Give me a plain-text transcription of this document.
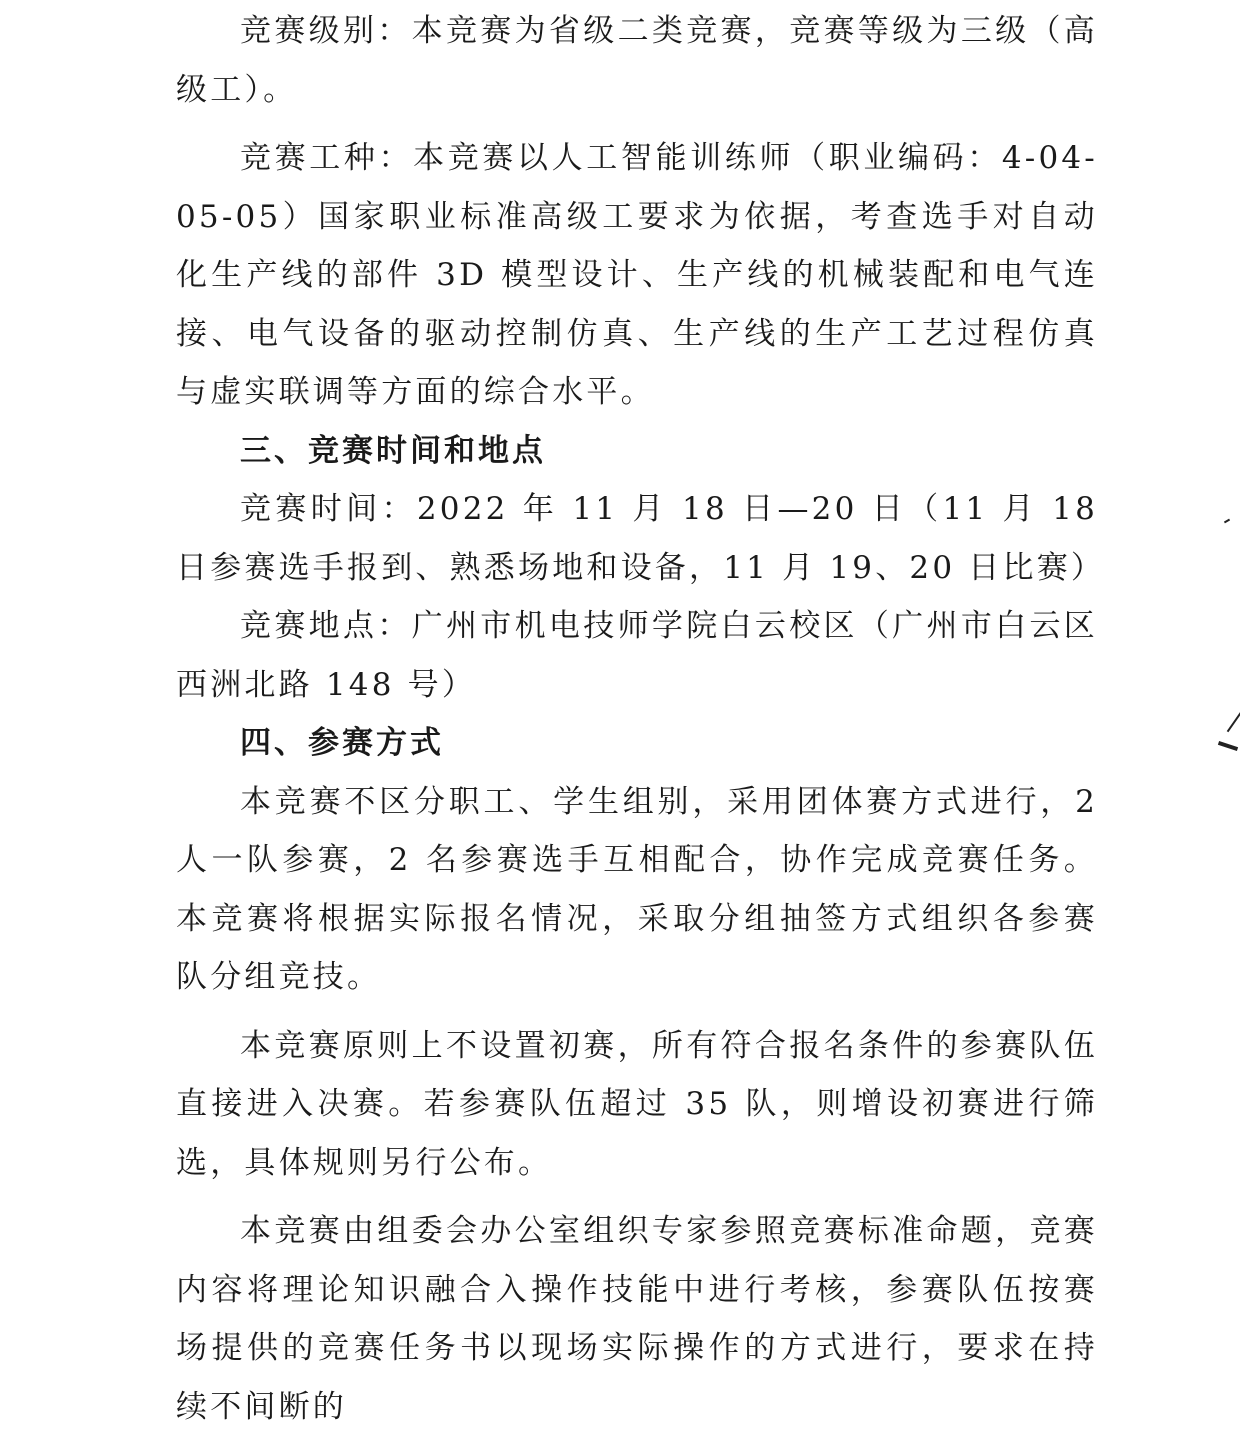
竞赛级别：本竞赛为省级二类竞赛，竞赛等级为三级（高级工）。

竞赛工种：本竞赛以人工智能训练师（职业编码：4-04-05-05）国家职业标准高级工要求为依据，考查选手对自动化生产线的部件 3D 模型设计、生产线的机械装配和电气连接、电气设备的驱动控制仿真、生产线的生产工艺过程仿真与虚实联调等方面的综合水平。

三、竞赛时间和地点

竞赛时间：2022 年 11 月 18 日—20 日（11 月 18 日参赛选手报到、熟悉场地和设备，11 月 19、20 日比赛）

竞赛地点：广州市机电技师学院白云校区（广州市白云区西洲北路 148 号）

四、参赛方式

本竞赛不区分职工、学生组别，采用团体赛方式进行，2 人一队参赛，2 名参赛选手互相配合，协作完成竞赛任务。本竞赛将根据实际报名情况，采取分组抽签方式组织各参赛队分组竞技。

本竞赛原则上不设置初赛，所有符合报名条件的参赛队伍直接进入决赛。若参赛队伍超过 35 队，则增设初赛进行筛选，具体规则另行公布。

本竞赛由组委会办公室组织专家参照竞赛标准命题，竞赛内容将理论知识融合入操作技能中进行考核，参赛队伍按赛场提供的竞赛任务书以现场实际操作的方式进行，要求在持续不间断的
